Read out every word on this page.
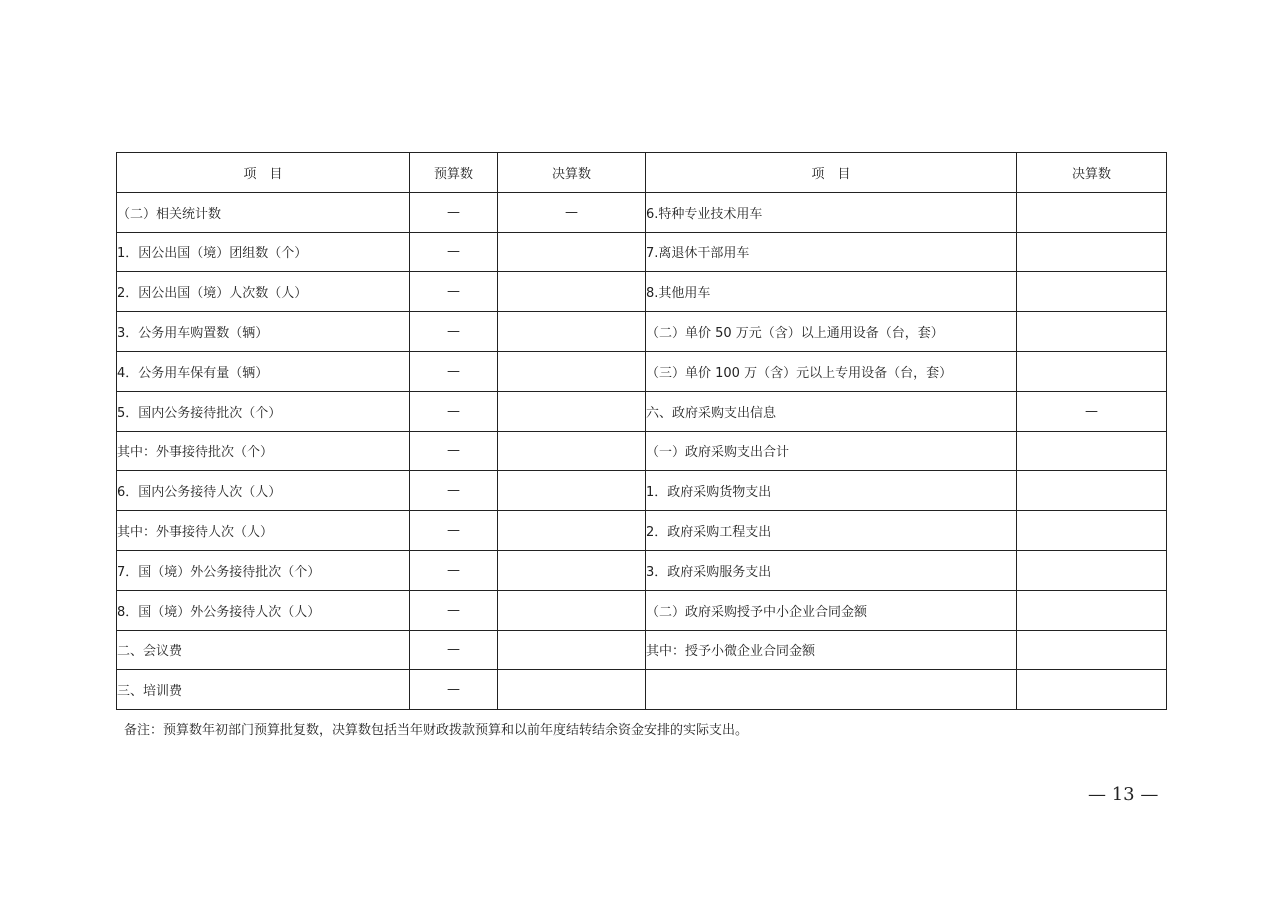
项　目	预算数	决算数	项　目	决算数
（二）相关统计数	—	—	6.特种专业技术用车	
1．因公出国（境）团组数（个）	—		7.离退休干部用车	
2．因公出国（境）人次数（人）	—		8.其他用车	
3．公务用车购置数（辆）	—		（二）单价 50 万元（含）以上通用设备（台，套）	
4．公务用车保有量（辆）	—		（三）单价 100 万（含）元以上专用设备（台，套）	
5．国内公务接待批次（个）	—		六、政府采购支出信息	—
其中：外事接待批次（个）	—		（一）政府采购支出合计	
6．国内公务接待人次（人）	—		1．政府采购货物支出	
其中：外事接待人次（人）	—		2．政府采购工程支出	
7．国（境）外公务接待批次（个）	—		3．政府采购服务支出	
8．国（境）外公务接待人次（人）	—		（二）政府采购授予中小企业合同金额	
二、会议费	—		其中：授予小微企业合同金额	
三、培训费	—			
备注：预算数年初部门预算批复数，决算数包括当年财政拨款预算和以前年度结转结余资金安排的实际支出。
— 13 —
